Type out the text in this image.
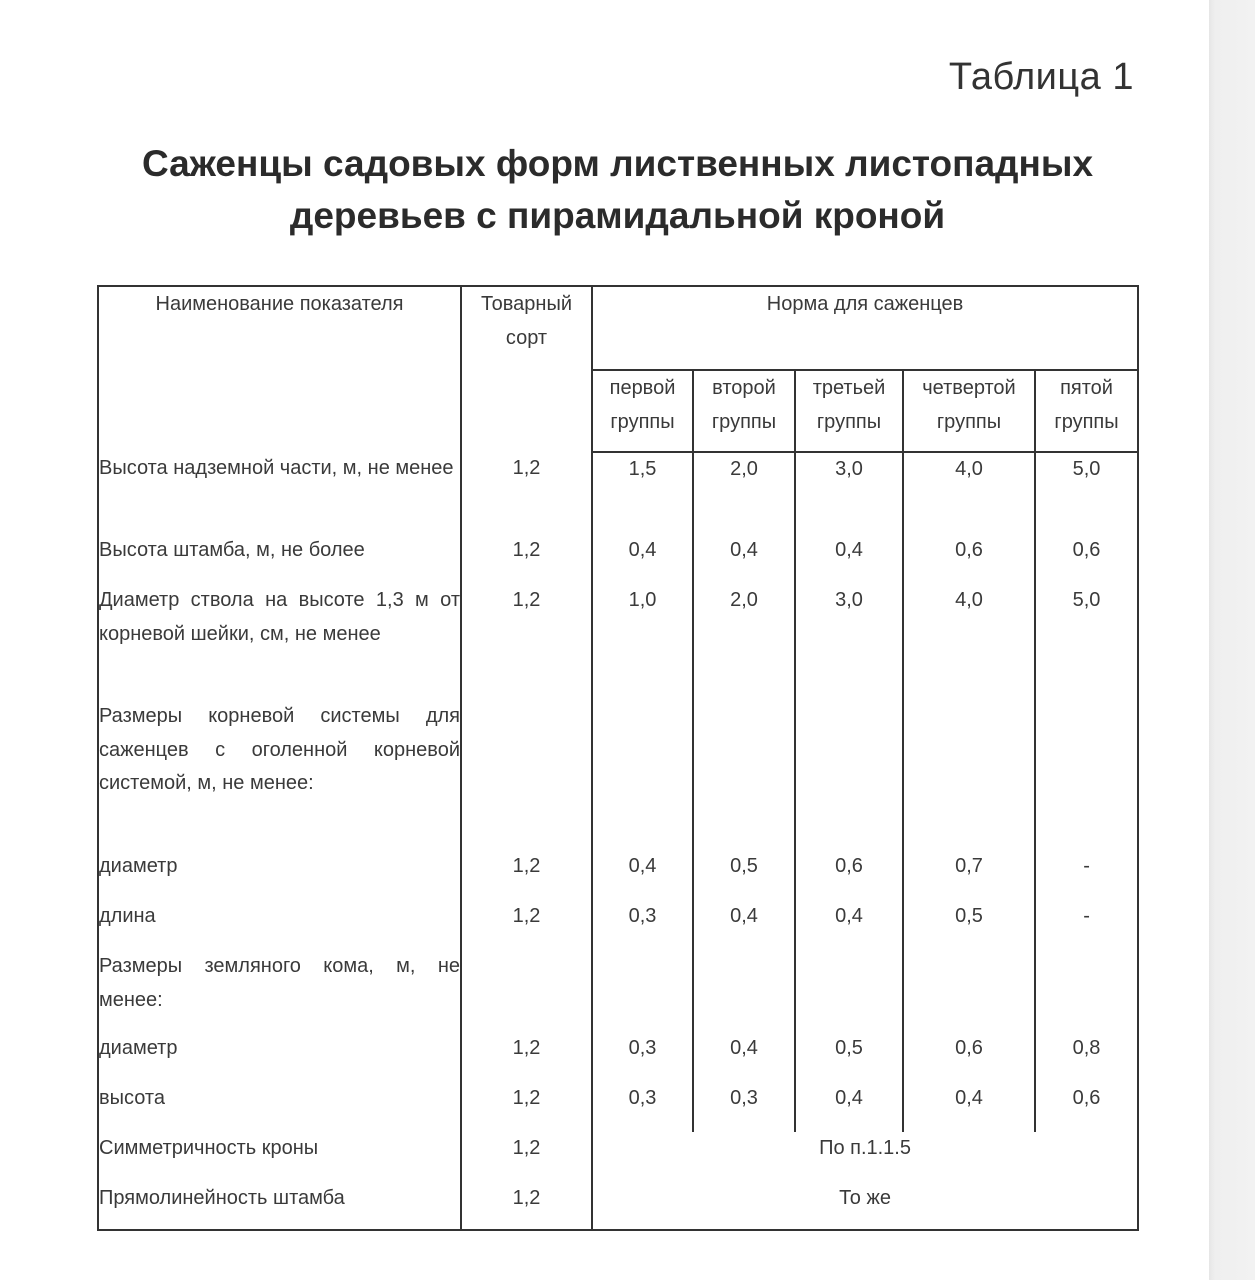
Таблица 1
Саженцы садовых форм лиственных листопадных
деревьев с пирамидальной кроной
Наименование показателя	Товарный сорт	Норма для саженцев				
		первой группы	второй группы	третьей группы	четвертой группы	пятой группы
Высота надземной части, м, не менее	1,2	1,5	2,0	3,0	4,0	5,0
Высота штамба, м, не более	1,2	0,4	0,4	0,4	0,6	0,6
Диаметр ствола на высоте 1,3 м от корневой шейки, см, не менее	1,2	1,0	2,0	3,0	4,0	5,0
Размеры корневой системы для саженцев с оголенной корневой системой, м, не менее:						
диаметр	1,2	0,4	0,5	0,6	0,7	-
длина	1,2	0,3	0,4	0,4	0,5	-
Размеры земляного кома, м, не менее:						
диаметр	1,2	0,3	0,4	0,5	0,6	0,8
высота	1,2	0,3	0,3	0,4	0,4	0,6
Симметричность кроны	1,2	По п.1.1.5				
Прямолинейность штамба	1,2	То же				
